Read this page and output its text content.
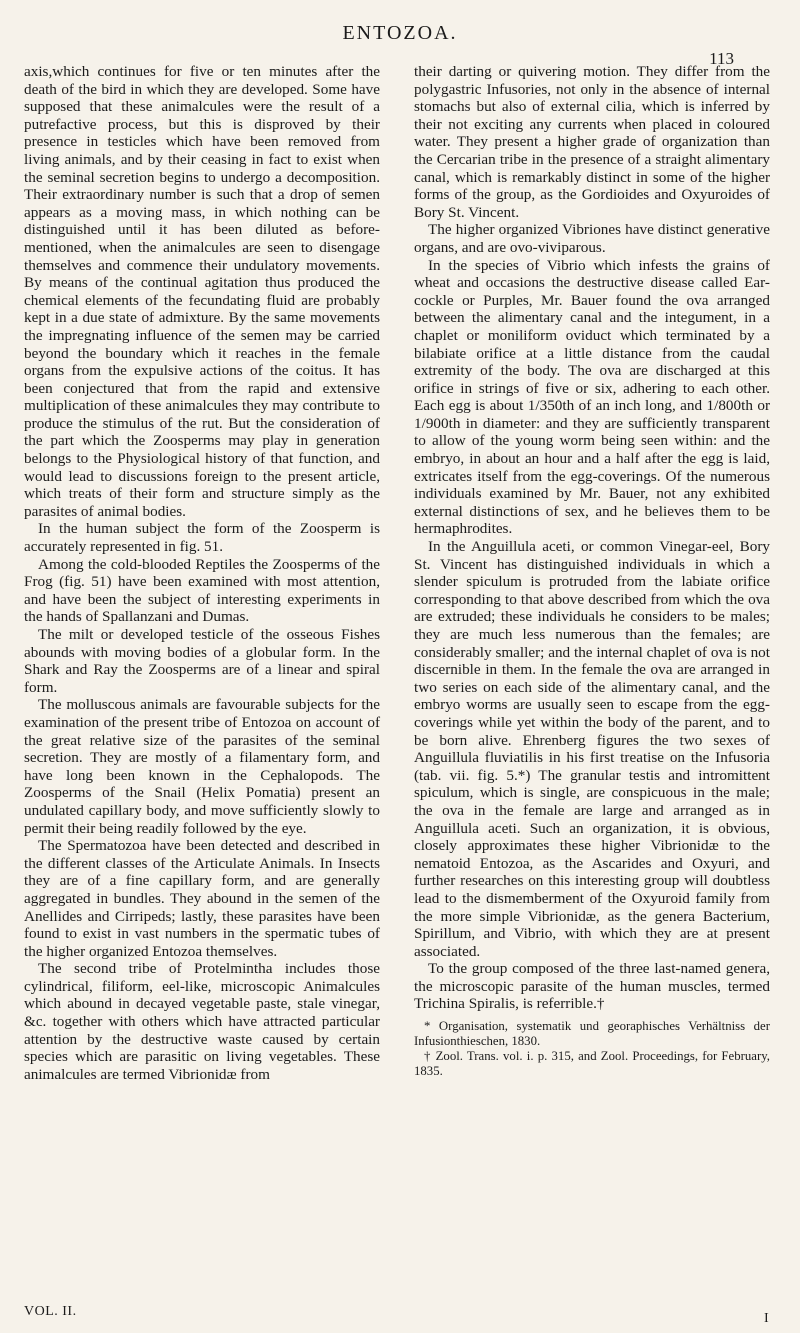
ENTOZOA.
113

axis,which continues for five or ten minutes after the death of the bird in which they are developed. Some have supposed that these animalcules were the result of a putrefactive process, but this is disproved by their presence in testicles which have been removed from living animals, and by their ceasing in fact to exist when the seminal secretion begins to undergo a decomposition. Their extraordinary number is such that a drop of semen appears as a moving mass, in which nothing can be distinguished until it has been diluted as before-mentioned, when the animalcules are seen to disengage themselves and commence their undulatory movements. By means of the continual agitation thus produced the chemical elements of the fecundating fluid are probably kept in a due state of admixture. By the same movements the impregnating influence of the semen may be carried beyond the boundary which it reaches in the female organs from the expulsive actions of the coitus. It has been conjectured that from the rapid and extensive multiplication of these animalcules they may contribute to produce the stimulus of the rut. But the consideration of the part which the Zoosperms may play in generation belongs to the Physiological history of that function, and would lead to discussions foreign to the present article, which treats of their form and structure simply as the parasites of animal bodies.

In the human subject the form of the Zoosperm is accurately represented in fig. 51.

Among the cold-blooded Reptiles the Zoosperms of the Frog (fig. 51) have been examined with most attention, and have been the subject of interesting experiments in the hands of Spallanzani and Dumas.

The milt or developed testicle of the osseous Fishes abounds with moving bodies of a globular form. In the Shark and Ray the Zoosperms are of a linear and spiral form.

The molluscous animals are favourable subjects for the examination of the present tribe of Entozoa on account of the great relative size of the parasites of the seminal secretion. They are mostly of a filamentary form, and have long been known in the Cephalopods. The Zoosperms of the Snail (Helix Pomatia) present an undulated capillary body, and move sufficiently slowly to permit their being readily followed by the eye.

The Spermatozoa have been detected and described in the different classes of the Articulate Animals. In Insects they are of a fine capillary form, and are generally aggregated in bundles. They abound in the semen of the Anellides and Cirripeds; lastly, these parasites have been found to exist in vast numbers in the spermatic tubes of the higher organized Entozoa themselves.

The second tribe of Protelmintha includes those cylindrical, filiform, eel-like, microscopic Animalcules which abound in decayed vegetable paste, stale vinegar, &c. together with others which have attracted particular attention by the destructive waste caused by certain species which are parasitic on living vegetables. These animalcules are termed Vibrionidæ from

their darting or quivering motion. They differ from the polygastric Infusories, not only in the absence of internal stomachs but also of external cilia, which is inferred by their not exciting any currents when placed in coloured water. They present a higher grade of organization than the Cercarian tribe in the presence of a straight alimentary canal, which is remarkably distinct in some of the higher forms of the group, as the Gordioides and Oxyuroides of Bory St. Vincent.

The higher organized Vibriones have distinct generative organs, and are ovo-viviparous.

In the species of Vibrio which infests the grains of wheat and occasions the destructive disease called Ear-cockle or Purples, Mr. Bauer found the ova arranged between the alimentary canal and the integument, in a chaplet or moniliform oviduct which terminated by a bilabiate orifice at a little distance from the caudal extremity of the body. The ova are discharged at this orifice in strings of five or six, adhering to each other. Each egg is about 1/350th of an inch long, and 1/800th or 1/900th in diameter: and they are sufficiently transparent to allow of the young worm being seen within: and the embryo, in about an hour and a half after the egg is laid, extricates itself from the egg-coverings. Of the numerous individuals examined by Mr. Bauer, not any exhibited external distinctions of sex, and he believes them to be hermaphrodites.

In the Anguillula aceti, or common Vinegar-eel, Bory St. Vincent has distinguished individuals in which a slender spiculum is protruded from the labiate orifice corresponding to that above described from which the ova are extruded; these individuals he considers to be males; they are much less numerous than the females; are considerably smaller; and the internal chaplet of ova is not discernible in them. In the female the ova are arranged in two series on each side of the alimentary canal, and the embryo worms are usually seen to escape from the egg-coverings while yet within the body of the parent, and to be born alive. Ehrenberg figures the two sexes of Anguillula fluviatilis in his first treatise on the Infusoria (tab. vii. fig. 5.*) The granular testis and intromittent spiculum, which is single, are conspicuous in the male; the ova in the female are large and arranged as in Anguillula aceti. Such an organization, it is obvious, closely approximates these higher Vibrionidæ to the nematoid Entozoa, as the Ascarides and Oxyuri, and further researches on this interesting group will doubtless lead to the dismemberment of the Oxyuroid family from the more simple Vibrionidæ, as the genera Bacterium, Spirillum, and Vibrio, with which they are at present associated.

To the group composed of the three last-named genera, the microscopic parasite of the human muscles, termed Trichina Spiralis, is referrible.†

* Organisation, systematik und georaphisches Verhältniss der Infusionthieschen, 1830.

† Zool. Trans. vol. i. p. 315, and Zool. Proceedings, for February, 1835.

VOL. II.	I
